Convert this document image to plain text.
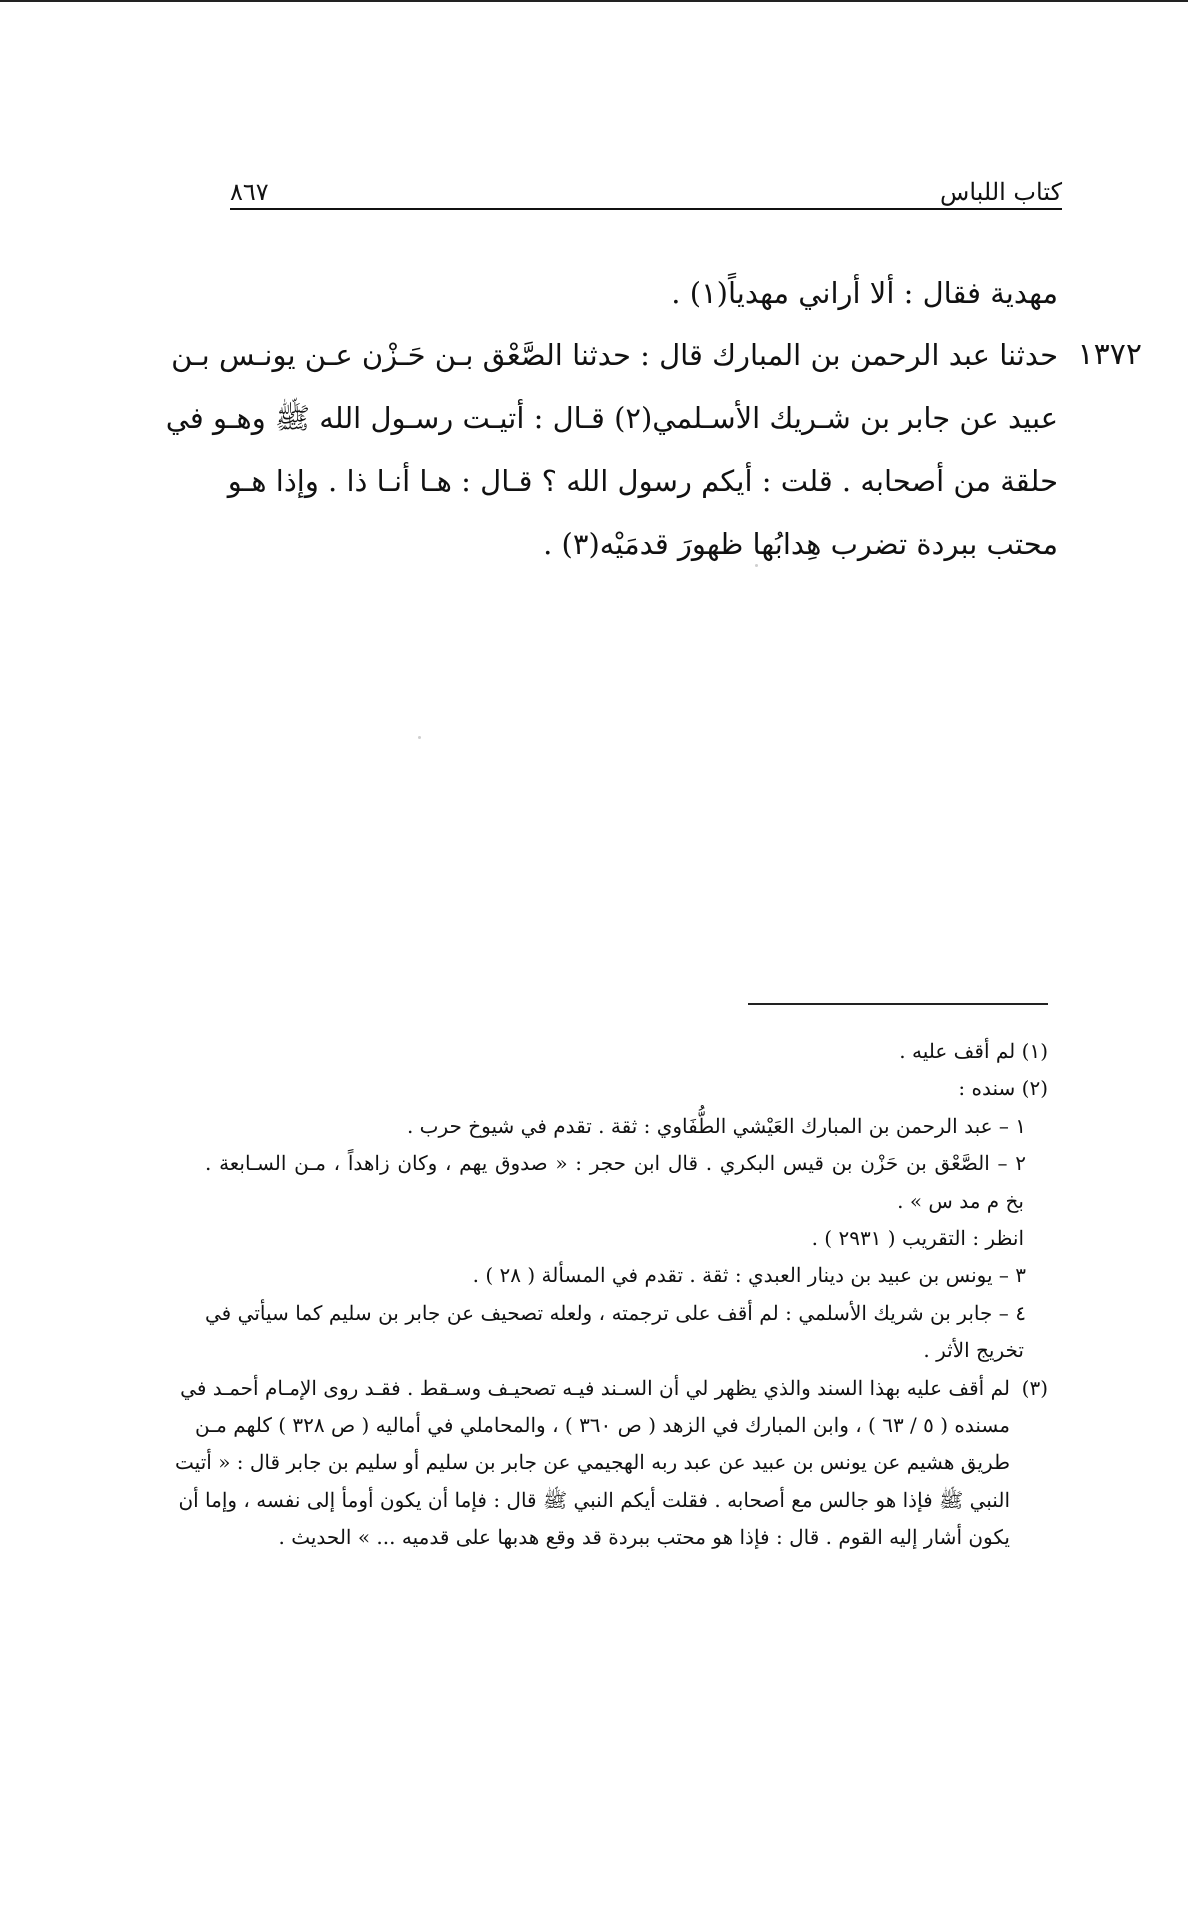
٨٦٧	كتاب اللباس
مهدية فقال : ألا أراني مهدياً(١) .
١٣٧٢
حدثنا عبد الرحمن بن المبارك قال : حدثنا الصَّعْق بـن حَـزْن عـن يونـس بـن
عبيد عن جابر بن شـريك الأسـلمي(٢) قـال : أتيـت رسـول الله ﷺ وهـو في
حلقة من أصحابه . قلت : أيكم رسول الله ؟ قـال : هـا أنـا ذا . وإذا هـو
محتب ببردة تضرب هِدابُها ظهورَ قدمَيْه(٣) .
(١) لم أقف عليه .
(٢) سنده :
١ – عبد الرحمن بن المبارك العَيْشي الطُّفَاوي : ثقة . تقدم في شيوخ حرب .
٢ – الصَّعْق بن حَزْن بن قيس البكري . قال ابن حجر : « صدوق يهم ، وكان زاهداً ، مـن السـابعة .
بخ م مد س » .
انظر : التقريب ( ٢٩٣١ ) .
٣ – يونس بن عبيد بن دينار العبدي : ثقة . تقدم في المسألة ( ٢٨ ) .
٤ – جابر بن شريك الأسلمي : لم أقف على ترجمته ، ولعله تصحيف عن جابر بن سليم كما سيأتي في
تخريج الأثر .
(٣)
لم أقف عليه بهذا السند والذي يظهر لي أن السـند فيـه تصحيـف وسـقط . فقـد روى الإمـام أحمـد في
مسنده ( ٥ / ٦٣ ) ، وابن المبارك في الزهد ( ص ٣٦٠ ) ، والمحاملي في أماليه ( ص ٣٢٨ ) كلهم مـن
طريق هشيم عن يونس بن عبيد عن عبد ربه الهجيمي عن جابر بن سليم أو سليم بن جابر قال : « أتيت
النبي ﷺ فإذا هو جالس مع أصحابه . فقلت أيكم النبي ﷺ قال : فإما أن يكون أومأ إلى نفسه ، وإما أن
يكون أشار إليه القوم . قال : فإذا هو محتب ببردة قد وقع هدبها على قدميه ... » الحديث .
